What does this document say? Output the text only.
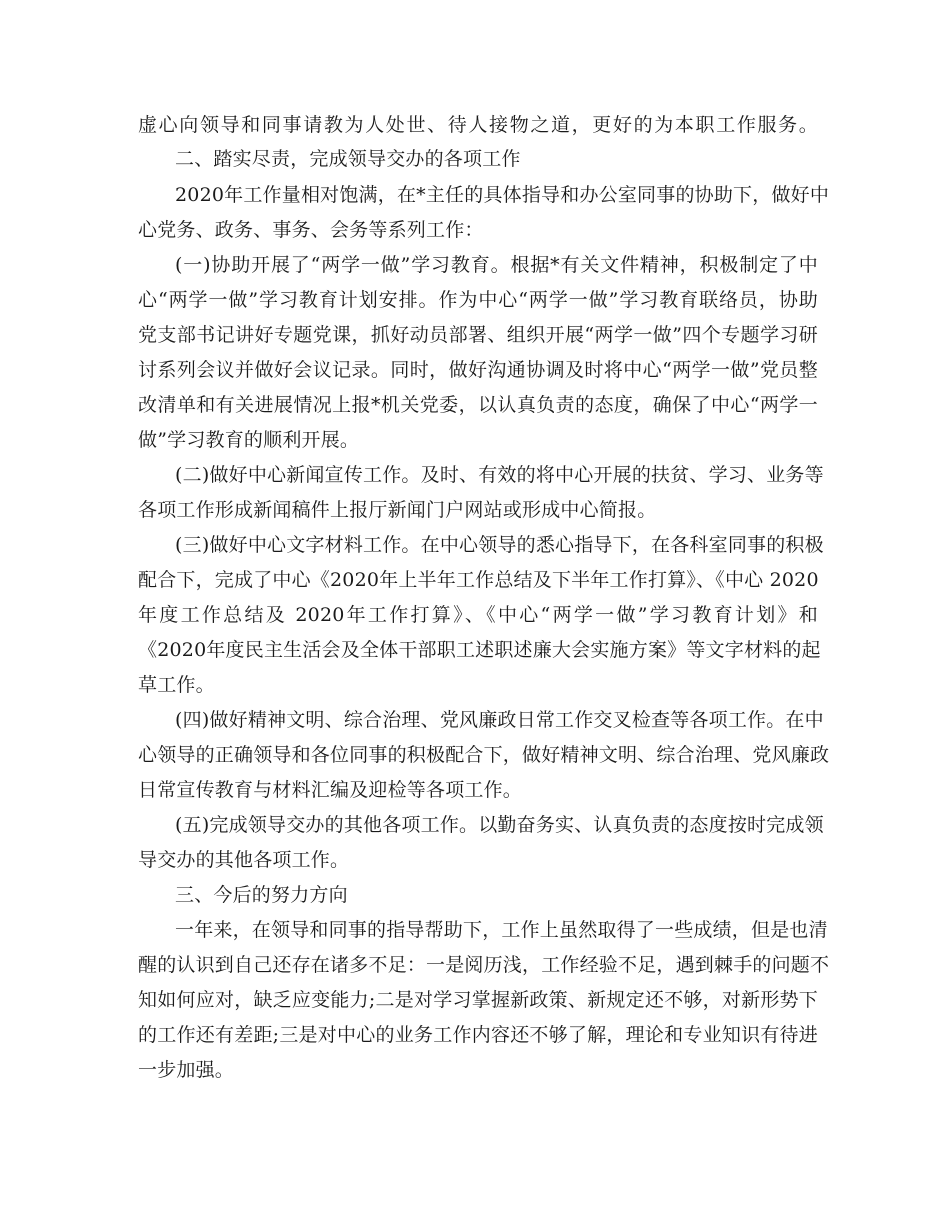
虚心向领导和同事请教为人处世、待人接物之道，更好的为本职工作服务。
二、踏实尽责，完成领导交办的各项工作
2020年工作量相对饱满，在*主任的具体指导和办公室同事的协助下，做好中
心党务、政务、事务、会务等系列工作：
(一)协助开展了“两学一做”学习教育。根据*有关文件精神，积极制定了中
心“两学一做”学习教育计划安排。作为中心“两学一做”学习教育联络员，协助
党支部书记讲好专题党课，抓好动员部署、组织开展“两学一做”四个专题学习研
讨系列会议并做好会议记录。同时，做好沟通协调及时将中心“两学一做”党员整
改清单和有关进展情况上报*机关党委，以认真负责的态度，确保了中心“两学一
做”学习教育的顺利开展。
(二)做好中心新闻宣传工作。及时、有效的将中心开展的扶贫、学习、业务等
各项工作形成新闻稿件上报厅新闻门户网站或形成中心简报。
(三)做好中心文字材料工作。在中心领导的悉心指导下，在各科室同事的积极
配合下，完成了中心《2020年上半年工作总结及下半年工作打算》、《中心 2020
年度工作总结及 2020年工作打算》、《中心“两学一做”学习教育计划》和
《2020年度民主生活会及全体干部职工述职述廉大会实施方案》等文字材料的起
草工作。
(四)做好精神文明、综合治理、党风廉政日常工作交叉检查等各项工作。在中
心领导的正确领导和各位同事的积极配合下，做好精神文明、综合治理、党风廉政
日常宣传教育与材料汇编及迎检等各项工作。
(五)完成领导交办的其他各项工作。以勤奋务实、认真负责的态度按时完成领
导交办的其他各项工作。
三、今后的努力方向
一年来，在领导和同事的指导帮助下，工作上虽然取得了一些成绩，但是也清
醒的认识到自己还存在诸多不足：一是阅历浅，工作经验不足，遇到棘手的问题不
知如何应对，缺乏应变能力;二是对学习掌握新政策、新规定还不够，对新形势下
的工作还有差距;三是对中心的业务工作内容还不够了解，理论和专业知识有待进
一步加强。
